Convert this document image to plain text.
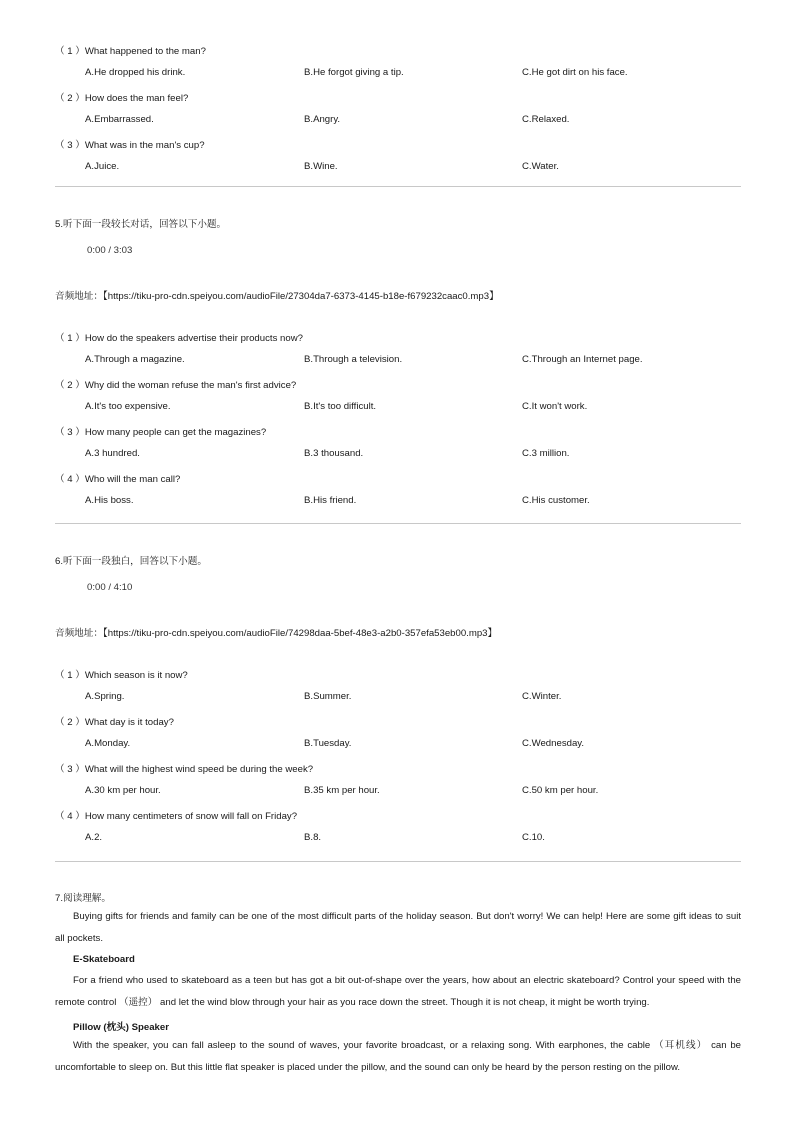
（ 1 ）What happened to the man?
A.He dropped his drink.	B.He forgot giving a tip.	C.He got dirt on his face.
（ 2 ）How does the man feel?
A.Embarrassed.	B.Angry.	C.Relaxed.
（ 3 ）What was in the man's cup?
A.Juice.	B.Wine.	C.Water.
5.听下面一段较长对话，回答以下小题。
0:00 / 3:03
音频地址：【https://tiku-pro-cdn.speiyou.com/audioFile/27304da7-6373-4145-b18e-f679232caac0.mp3】
（ 1 ）How do the speakers advertise their products now?
A.Through a magazine.	B.Through a television.	C.Through an Internet page.
（ 2 ）Why did the woman refuse the man's first advice?
A.It's too expensive.	B.It's too difficult.	C.It won't work.
（ 3 ）How many people can get the magazines?
A.3 hundred.	B.3 thousand.	C.3 million.
（ 4 ）Who will the man call?
A.His boss.	B.His friend.	C.His customer.
6.听下面一段独白，回答以下小题。
0:00 / 4:10
音频地址：【https://tiku-pro-cdn.speiyou.com/audioFile/74298daa-5bef-48e3-a2b0-357efa53eb00.mp3】
（ 1 ）Which season is it now?
A.Spring.	B.Summer.	C.Winter.
（ 2 ）What day is it today?
A.Monday.	B.Tuesday.	C.Wednesday.
（ 3 ）What will the highest wind speed be during the week?
A.30 km per hour.	B.35 km per hour.	C.50 km per hour.
（ 4 ）How many centimeters of snow will fall on Friday?
A.2.	B.8.	C.10.
7.阅读理解。

Buying gifts for friends and family can be one of the most difficult parts of the holiday season. But don't worry! We can help! Here are some gift ideas to suit all pockets.

E-Skateboard

For a friend who used to skateboard as a teen but has got a bit out-of-shape over the years, how about an electric skateboard? Control your speed with the remote control （遥控） and let the wind blow through your hair as you race down the street. Though it is not cheap, it might be worth trying.

Pillow (枕头) Speaker

With the speaker, you can fall asleep to the sound of waves, your favorite broadcast, or a relaxing song. With earphones, the cable （耳机线） can be uncomfortable to sleep on. But this little flat speaker is placed under the pillow, and the sound can only be heard by the person resting on the pillow.
